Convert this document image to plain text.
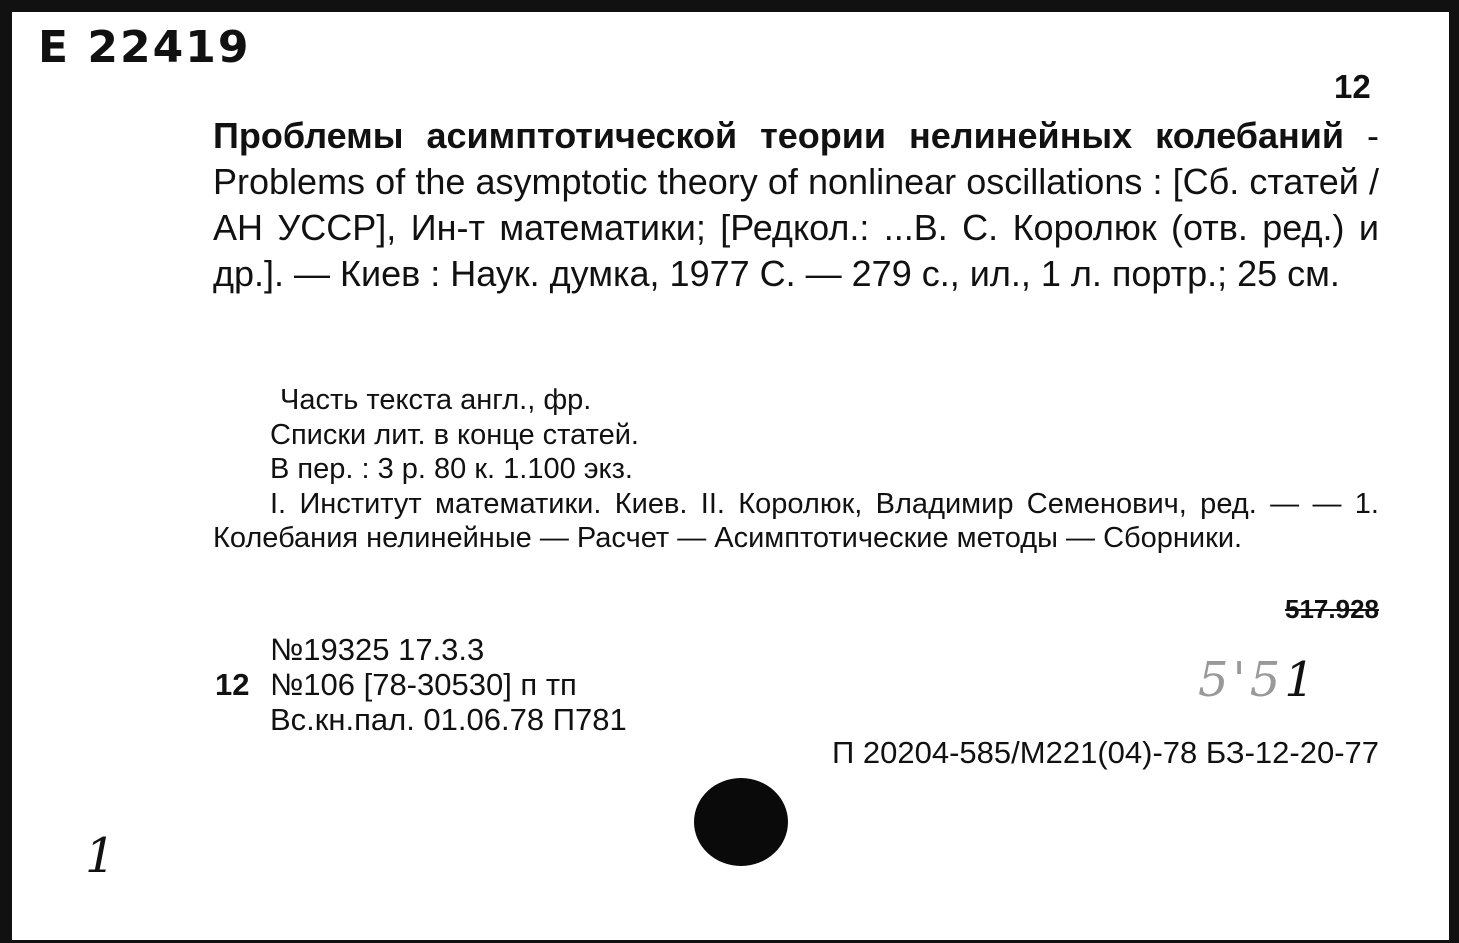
Е 22419
12

Проблемы асимптотической теории нелинейных колебаний - Problems of the asymptotic theory of nonlinear oscillations : [Сб. статей / АН УССР], Ин-т математики; [Редкол.: ...В. С. Королюк (отв. ред.) и др.]. — Киев : Наук. думка, 1977 С. — 279 с., ил., 1 л. портр.; 25 см.

Часть текста англ., фр.
Списки лит. в конце статей.
В пер. : 3 р. 80 к. 1.100 экз.
I. Институт математики. Киев. II. Королюк, Владимир Семенович, ред. — — 1. Колебания нелинейные — Расчет — Асимптотические методы — Сборники.
517.928
№19325 17.3.3
12 №106 [78-30530] п тп
Вс.кн.пал. 01.06.78 П781
5'51
П 20204-585/М221(04)-78 БЗ-12-20-77
1
